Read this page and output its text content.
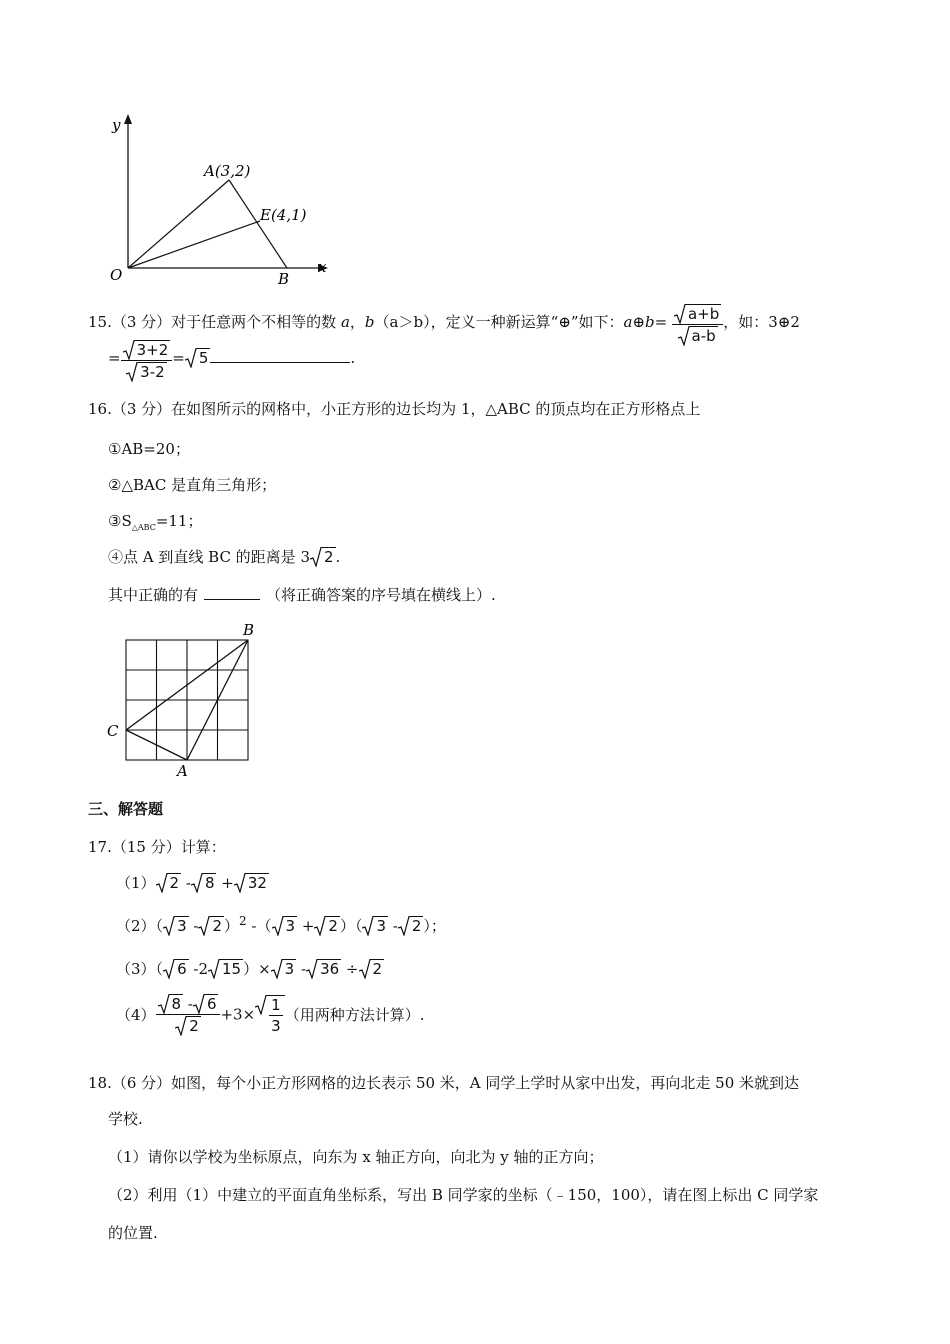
y
x
O	B
A(3,2)
E(4,1)
15.（3 分）对于任意两个不相等的数 a，b（a＞b），定义一种新运算“⊕”如下：a⊕b= $\frac{a+b}{a-b}$ ，如：3⊕2
= $\frac{3+2}{3-2} = 5$	.
16.（3 分）在如图所示的网格中，小正方形的边长均为 1，△ABC 的顶点均在正方形格点上
①AB=20；
②△BAC 是直角三角形；
$③S_{\triangle ABC}=11$；
④点 A 到直线 BC 的距离是 3 2 .
其中正确的有	（将正确答案的序号填在横线上）.
B
C
A
三、解答题
17.（15 分）计算：
（1） 2 - 8 + 32
（2）（ 3 - 2 ）$^2$ -（ 3 + 2 ）（ 3 - 2 ）；
（3）（ 6 -2 15 ）× 3 - 36 ÷ 2
$(4) \frac{8 - 6}{2} +3\times \frac{1}{3}$ （用两种方法计算）.
18.（6 分）如图，每个小正方形网格的边长表示 50 米，A 同学上学时从家中出发，再向北走 50 米就到达
学校.
（1）请你以学校为坐标原点，向东为 x 轴正方向，向北为 y 轴的正方向；
（2）利用（1）中建立的平面直角坐标系，写出 B 同学家的坐标（﹣150，100），请在图上标出 C 同学家
的位置.
